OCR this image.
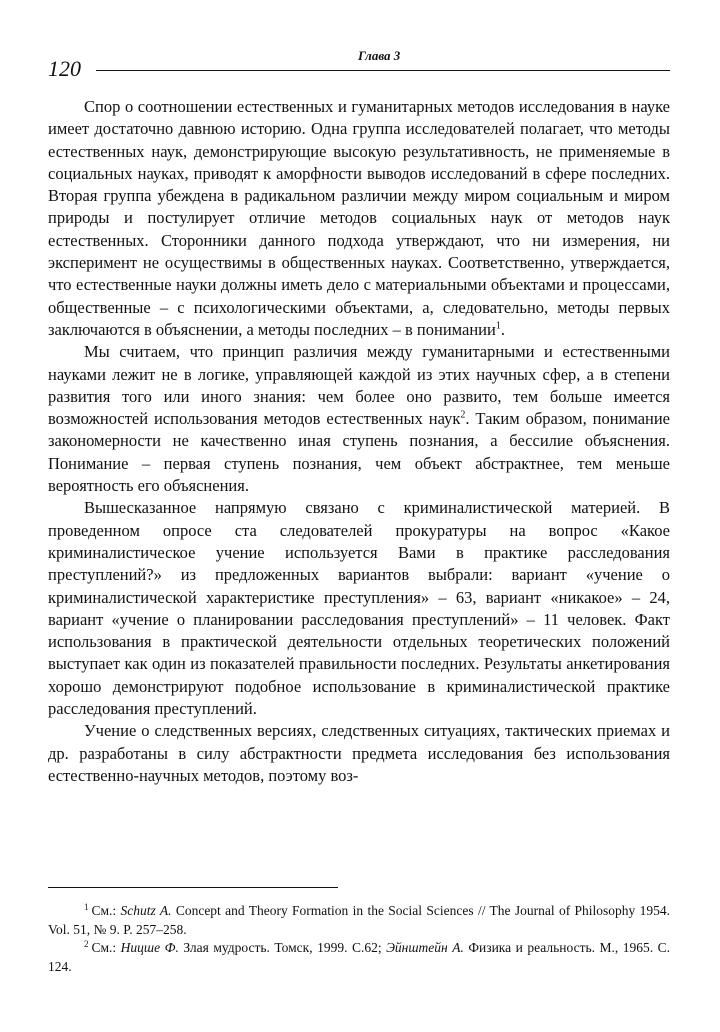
120
Глава 3

Спор о соотношении естественных и гуманитарных методов исследования в науке имеет достаточно давнюю историю. Одна группа исследователей полагает, что методы естественных наук, демонстрирующие высокую результативность, не применяемые в социальных науках, приводят к аморфности выводов исследований в сфере последних. Вторая группа убеждена в радикальном различии между миром социальным и миром природы и постулирует отличие методов социальных наук от методов наук естественных. Сторонники данного подхода утверждают, что ни измерения, ни эксперимент не осуществимы в общественных науках. Соответственно, утверждается, что естественные науки должны иметь дело с материальными объектами и процессами, общественные – с психологическими объектами, а, следовательно, методы первых заключаются в объяснении, а методы последних – в понимании$^1$.

Мы считаем, что принцип различия между гуманитарными и естественными науками лежит не в логике, управляющей каждой из этих научных сфер, а в степени развития того или иного знания: чем более оно развито, тем больше имеется возможностей использования методов естественных наук$^2$. Таким образом, понимание закономерности не качественно иная ступень познания, а бессилие объяснения. Понимание – первая ступень познания, чем объект абстрактнее, тем меньше вероятность его объяснения.

Вышесказанное напрямую связано с криминалистической материей. В проведенном опросе ста следователей прокуратуры на вопрос «Какое криминалистическое учение используется Вами в практике расследования преступлений?» из предложенных вариантов выбрали: вариант «учение о криминалистической характеристике преступления» – 63, вариант «никакое» – 24, вариант «учение о планировании расследования преступлений» – 11 человек. Факт использования в практической деятельности отдельных теоретических положений выступает как один из показателей правильности последних. Результаты анкетирования хорошо демонстрируют подобное использование в криминалистической практике расследования преступлений.

Учение о следственных версиях, следственных ситуациях, тактических приемах и др. разработаны в силу абстрактности предмета исследования без использования естественно-научных методов, поэтому воз-

$^1$ См.: Schutz A. Concept and Theory Formation in the Social Sciences // The Journal of Philosophy 1954. Vol. 51, № 9. P. 257–258.

$^2$ См.: Ницше Ф. Злая мудрость. Томск, 1999. С.62; Эйнштейн А. Физика и реальность. М., 1965. С. 124.
